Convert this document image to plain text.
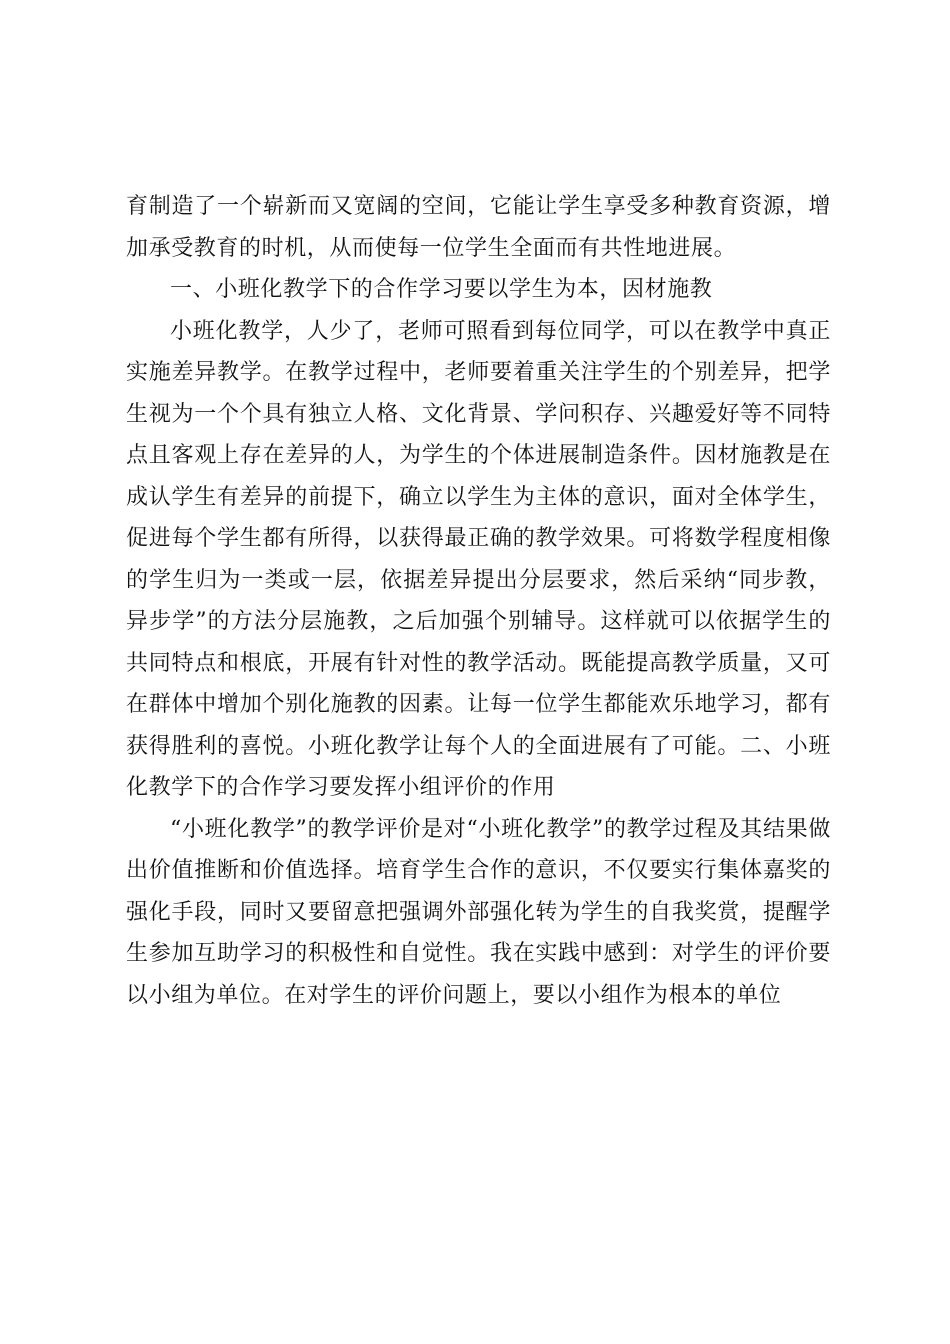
育制造了一个崭新而又宽阔的空间，它能让学生享受多种教育资源，增加承受教育的时机，从而使每一位学生全面而有共性地进展。

一、小班化教学下的合作学习要以学生为本，因材施教

小班化教学，人少了，老师可照看到每位同学，可以在教学中真正实施差异教学。在教学过程中，老师要着重关注学生的个别差异，把学生视为一个个具有独立人格、文化背景、学问积存、兴趣爱好等不同特点且客观上存在差异的人，为学生的个体进展制造条件。因材施教是在成认学生有差异的前提下，确立以学生为主体的意识，面对全体学生，促进每个学生都有所得，以获得最正确的教学效果。可将数学程度相像的学生归为一类或一层，依据差异提出分层要求，然后采纳“同步教，异步学”的方法分层施教，之后加强个别辅导。这样就可以依据学生的共同特点和根底，开展有针对性的教学活动。既能提高教学质量，又可在群体中增加个别化施教的因素。让每一位学生都能欢乐地学习，都有获得胜利的喜悦。小班化教学让每个人的全面进展有了可能。二、小班化教学下的合作学习要发挥小组评价的作用

“小班化教学”的教学评价是对“小班化教学”的教学过程及其结果做出价值推断和价值选择。培育学生合作的意识，不仅要实行集体嘉奖的强化手段，同时又要留意把强调外部强化转为学生的自我奖赏，提醒学生参加互助学习的积极性和自觉性。我在实践中感到：对学生的评价要以小组为单位。在对学生的评价问题上，要以小组作为根本的单位
